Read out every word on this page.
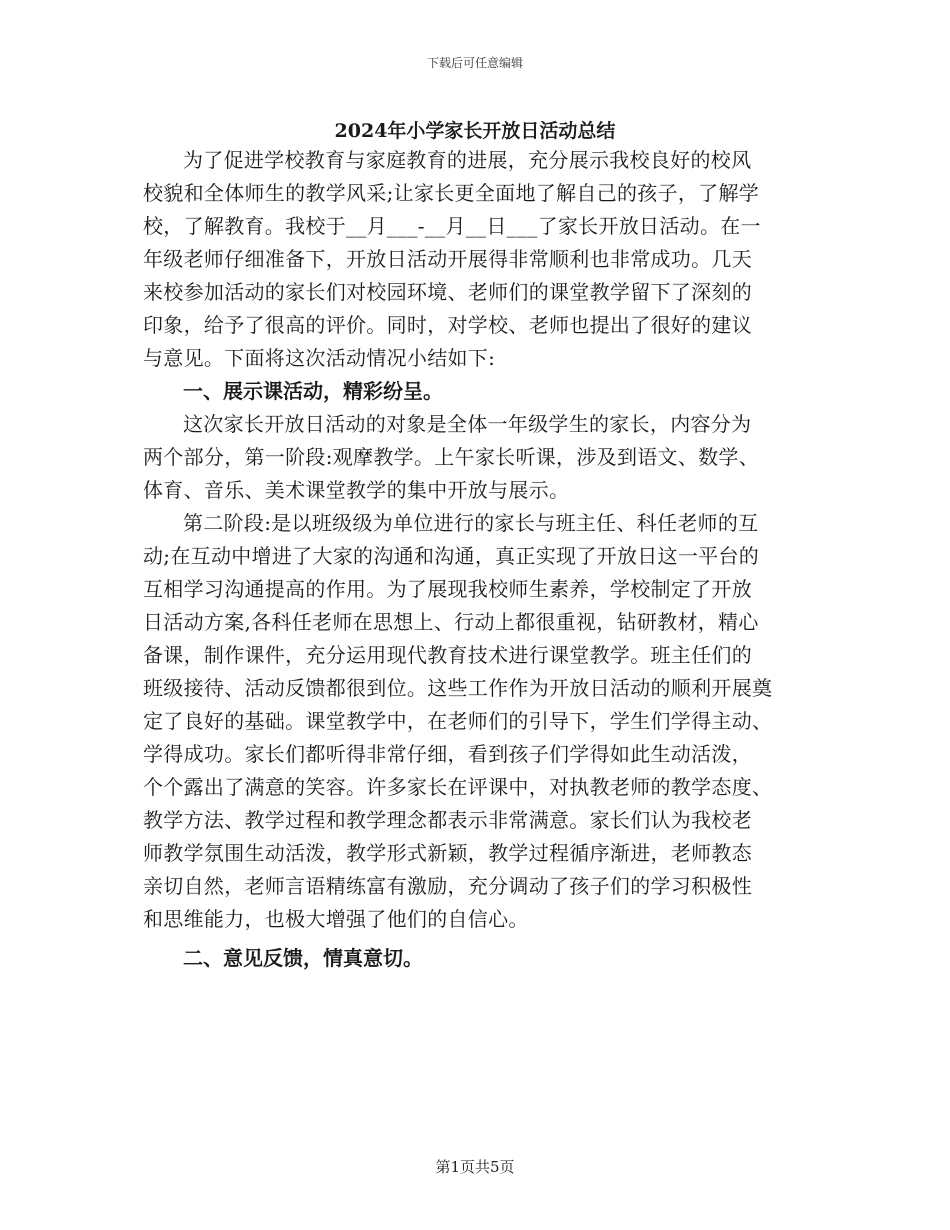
下载后可任意编辑
2024年小学家长开放日活动总结

为了促进学校教育与家庭教育的进展，充分展示我校良好的校风
校貌和全体师生的教学风采;让家长更全面地了解自己的孩子，了解学
校，了解教育。我校于__月___-__月__日___了家长开放日活动。在一
年级老师仔细准备下，开放日活动开展得非常顺利也非常成功。几天
来校参加活动的家长们对校园环境、老师们的课堂教学留下了深刻的
印象，给予了很高的评价。同时，对学校、老师也提出了很好的建议
与意见。下面将这次活动情况小结如下:

一、展示课活动，精彩纷呈。

这次家长开放日活动的对象是全体一年级学生的家长，内容分为
两个部分，第一阶段:观摩教学。上午家长听课，涉及到语文、数学、
体育、音乐、美术课堂教学的集中开放与展示。

第二阶段:是以班级级为单位进行的家长与班主任、科任老师的互
动;在互动中增进了大家的沟通和沟通，真正实现了开放日这一平台的
互相学习沟通提高的作用。为了展现我校师生素养，学校制定了开放
日活动方案,各科任老师在思想上、行动上都很重视，钻研教材，精心
备课，制作课件，充分运用现代教育技术进行课堂教学。班主任们的
班级接待、活动反馈都很到位。这些工作作为开放日活动的顺利开展奠
定了良好的基础。课堂教学中，在老师们的引导下，学生们学得主动、
学得成功。家长们都听得非常仔细，看到孩子们学得如此生动活泼，
个个露出了满意的笑容。许多家长在评课中，对执教老师的教学态度、
教学方法、教学过程和教学理念都表示非常满意。家长们认为我校老
师教学氛围生动活泼，教学形式新颖，教学过程循序渐进，老师教态
亲切自然，老师言语精练富有激励，充分调动了孩子们的学习积极性
和思维能力，也极大增强了他们的自信心。

二、意见反馈，情真意切。
第1页共5页
